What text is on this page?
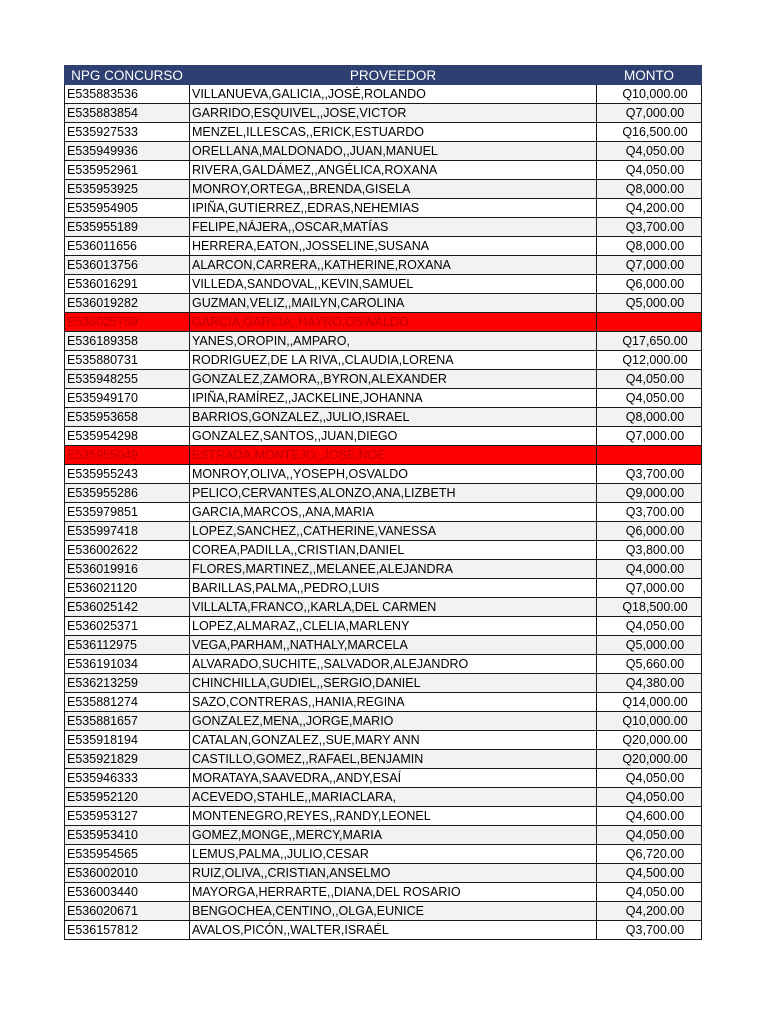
NPG CONCURSO	PROVEEDOR	MONTO
E535883536	VILLANUEVA,GALICIA,,JOSÉ,ROLANDO	Q10,000.00
E535883854	GARRIDO,ESQUIVEL,,JOSE,VICTOR	Q7,000.00
E535927533	MENZEL,ILLESCAS,,ERICK,ESTUARDO	Q16,500.00
E535949936	ORELLANA,MALDONADO,,JUAN,MANUEL	Q4,050.00
E535952961	RIVERA,GALDÁMEZ,,ANGÉLICA,ROXANA	Q4,050.00
E535953925	MONROY,ORTEGA,,BRENDA,GISELA	Q8,000.00
E535954905	IPIÑA,GUTIERREZ,,EDRAS,NEHEMIAS	Q4,200.00
E535955189	FELIPE,NÁJERA,,OSCAR,MATÍAS	Q3,700.00
E536011656	HERRERA,EATON,,JOSSELINE,SUSANA	Q8,000.00
E536013756	ALARCON,CARRERA,,KATHERINE,ROXANA	Q7,000.00
E536016291	VILLEDA,SANDOVAL,,KEVIN,SAMUEL	Q6,000.00
E536019282	GUZMAN,VELIZ,,MAILYN,CAROLINA	Q5,000.00
E536025789	GARCIA,GARCIA,,HAYRO,OSWALDO	
E536189358	YANES,OROPIN,,AMPARO,	Q17,650.00
E535880731	RODRIGUEZ,DE LA RIVA,,CLAUDIA,LORENA	Q12,000.00
E535948255	GONZALEZ,ZAMORA,,BYRON,ALEXANDER	Q4,050.00
E535949170	IPIÑA,RAMÍREZ,,JACKELINE,JOHANNA	Q4,050.00
E535953658	BARRIOS,GONZALEZ,,JULIO,ISRAEL	Q8,000.00
E535954298	GONZALEZ,SANTOS,,JUAN,DIEGO	Q7,000.00
E535955049	ESTRADA,MONTEJO,,JOSE,NOE	
E535955243	MONROY,OLIVA,,YOSEPH,OSVALDO	Q3,700.00
E535955286	PELICO,CERVANTES,ALONZO,ANA,LIZBETH	Q9,000.00
E535979851	GARCIA,MARCOS,,ANA,MARIA	Q3,700.00
E535997418	LOPEZ,SANCHEZ,,CATHERINE,VANESSA	Q6,000.00
E536002622	COREA,PADILLA,,CRISTIAN,DANIEL	Q3,800.00
E536019916	FLORES,MARTINEZ,,MELANEE,ALEJANDRA	Q4,000.00
E536021120	BARILLAS,PALMA,,PEDRO,LUIS	Q7,000.00
E536025142	VILLALTA,FRANCO,,KARLA,DEL CARMEN	Q18,500.00
E536025371	LOPEZ,ALMARAZ,,CLELIA,MARLENY	Q4,050.00
E536112975	VEGA,PARHAM,,NATHALY,MARCELA	Q5,000.00
E536191034	ALVARADO,SUCHITE,,SALVADOR,ALEJANDRO	Q5,660.00
E536213259	CHINCHILLA,GUDIEL,,SERGIO,DANIEL	Q4,380.00
E535881274	SAZO,CONTRERAS,,HANIA,REGINA	Q14,000.00
E535881657	GONZALEZ,MENA,,JORGE,MARIO	Q10,000.00
E535918194	CATALAN,GONZALEZ,,SUE,MARY ANN	Q20,000.00
E535921829	CASTILLO,GOMEZ,,RAFAEL,BENJAMIN	Q20,000.00
E535946333	MORATAYA,SAAVEDRA,,ANDY,ESAÍ	Q4,050.00
E535952120	ACEVEDO,STAHLE,,MARIACLARA,	Q4,050.00
E535953127	MONTENEGRO,REYES,,RANDY,LEONEL	Q4,600.00
E535953410	GOMEZ,MONGE,,MERCY,MARIA	Q4,050.00
E535954565	LEMUS,PALMA,,JULIO,CESAR	Q6,720.00
E536002010	RUIZ,OLIVA,,CRISTIAN,ANSELMO	Q4,500.00
E536003440	MAYORGA,HERRARTE,,DIANA,DEL ROSARIO	Q4,050.00
E536020671	BENGOCHEA,CENTINO,,OLGA,EUNICE	Q4,200.00
E536157812	AVALOS,PICÓN,,WALTER,ISRAÉL	Q3,700.00
